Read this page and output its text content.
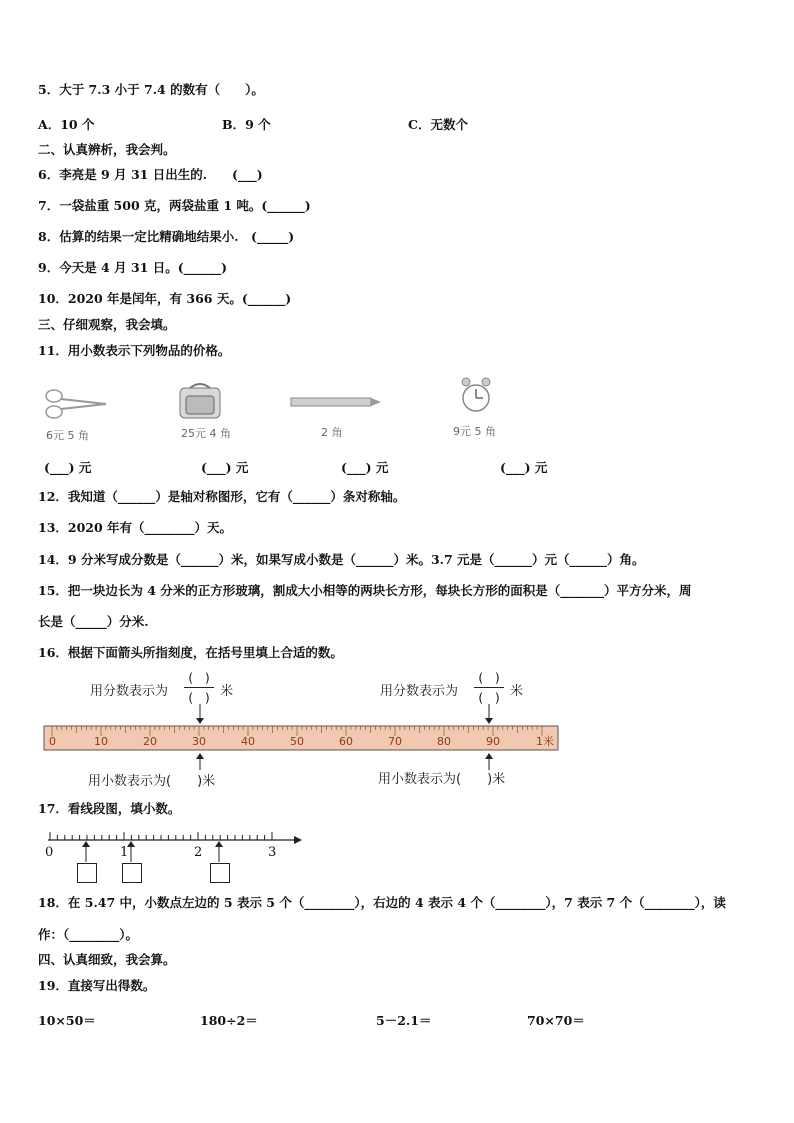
5．大于 7.3 小于 7.4 的数有（　　）。
A．10 个	B．9 个	C．无数个
二、认真辨析，我会判。
6．李亮是 9 月 31 日出生的.　　(___)
7．一袋盐重 500 克，两袋盐重 1 吨。(______)
8．估算的结果一定比精确地结果小.　(_____)
9．今天是 4 月 31 日。(______)
10．2020 年是闰年，有 366 天。(______)
三、仔细观察，我会填。
11．用小数表示下列物品的价格。
6元 5 角	25元 4 角	2 角	9元 5 角
(___) 元	(___) 元	(___) 元	(___) 元
12．我知道（______）是轴对称图形，它有（______）条对称轴。
13．2020 年有（________）天。
14．9 分米写成分数是（______）米，如果写成小数是（______）米。3.7 元是（______）元（______）角。
15．把一块边长为 4 分米的正方形玻璃，割成大小相等的两块长方形，每块长方形的面积是（_______）平方分米，周
长是（_____）分米.
16．根据下面箭头所指刻度，在括号里填上合适的数。
用分数表示为
(　)
(　) 米	用分数表示为
(　)
(　) 米
0	10	20	30	40	50	60	70	80	90	1米
用小数表示为(　　)米	用小数表示为(　　)米
17．看线段图，填小数。
0	1	2	3
18．在 5.47 中，小数点左边的 5 表示 5 个（________），右边的 4 表示 4 个（________），7 表示 7 个（________），读
作：（________）。
四、认真细致，我会算。
19．直接写出得数。
10×50＝	180÷2＝	5－2.1＝	70×70＝
